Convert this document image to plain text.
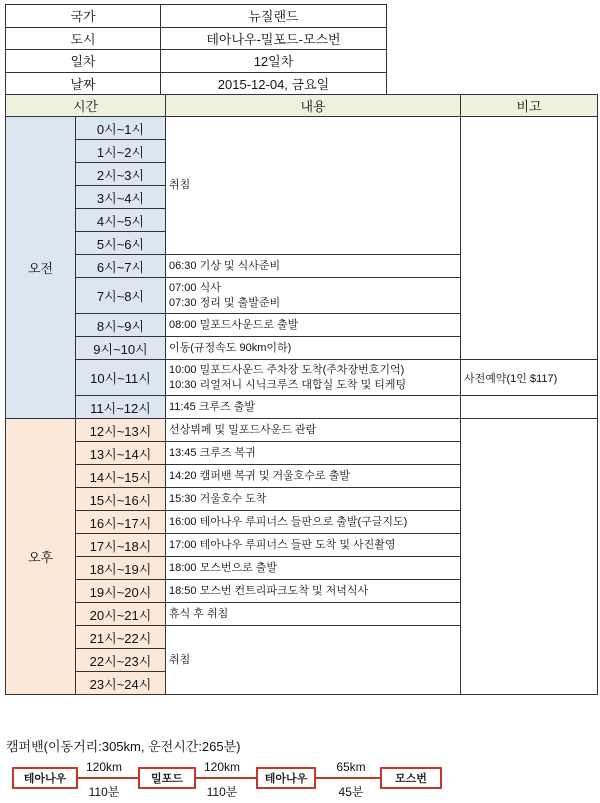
국가	뉴질랜드
도시	테아나우-밀포드-모스번
일차	12일차
날짜	2015-12-04, 금요일
시간		내용	비고
오전	0시~1시	취침	
	1시~2시		
	2시~3시		
	3시~4시		
	4시~5시		
	5시~6시		
	6시~7시	06:30 기상 및 식사준비	
	7시~8시	07:00 식사
07:30 정리 및 출발준비	

	8시~9시	08:00 밀포드사운드로 출발	
	9시~10시	이동(규정속도 90km이하)	
	10시~11시	10:00 밀포드사운드 주차장 도착(주차장번호기억)
10:30 리얼저니 시닉크루즈 대합실 도착 및 티케팅	사전예약(1인 $117)
	11시~12시	11:45 크루즈 출발	
오후	12시~13시	선상뷔페 및 밀포드사운드 관람	
	13시~14시	13:45 크루즈 복귀	
	14시~15시	14:20 캠퍼밴 복귀 및 거울호수로 출발	
	15시~16시	15:30 거울호수 도착	
	16시~17시	16:00 테아나우 루피너스 들판으로 출발(구글지도)	
	17시~18시	17:00 테아나우 루피너스 들판 도착 및 사진촬영	
	18시~19시	18:00 모스번으로 출발	
	19시~20시	18:50 모스번 컨트리파크도착 및 저녁식사	
	20시~21시	휴식 후 취침	
	21시~22시	취침	
	22시~23시		
	23시~24시		
캠퍼밴(이동거리:305km, 운전시간:265분)
테아나우	밀포드	테아나우	모스번
120km
110분
120km
110분
65km
45분
